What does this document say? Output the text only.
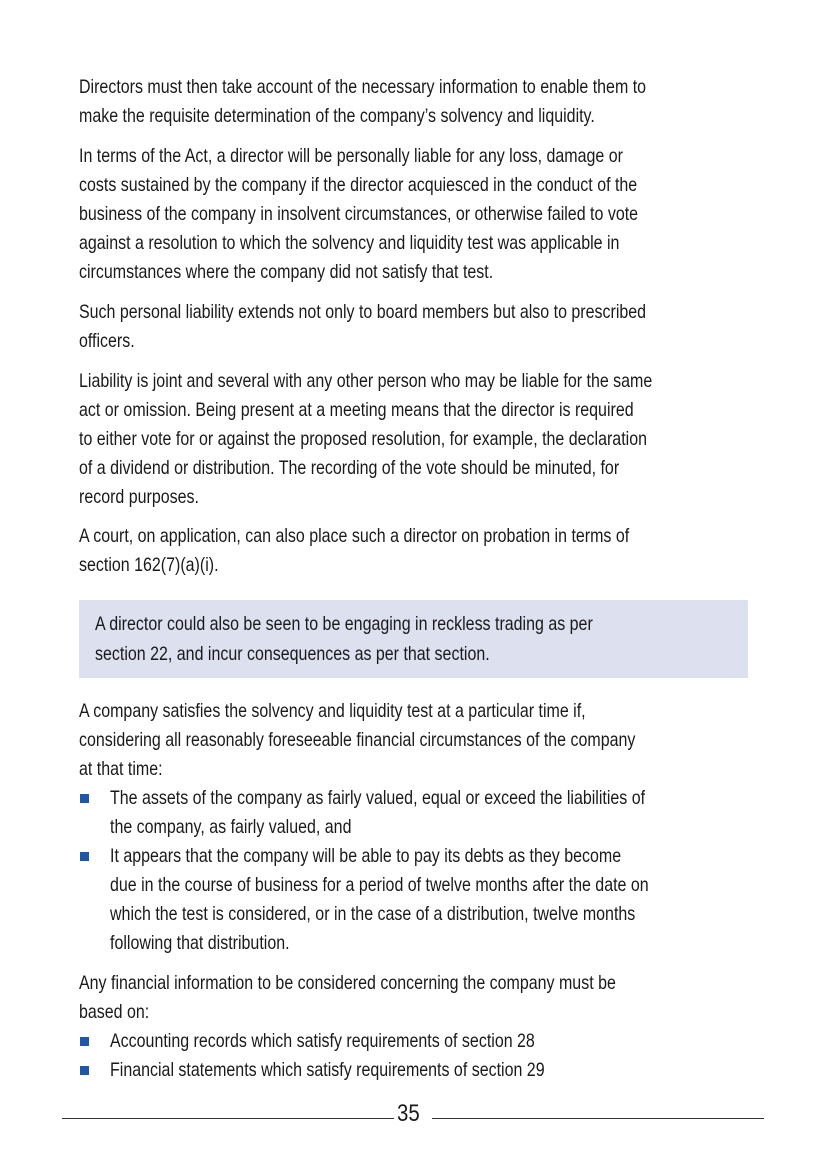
Directors must then take account of the necessary information to enable them to
make the requisite determination of the company’s solvency and liquidity.
In terms of the Act, a director will be personally liable for any loss, damage or
costs sustained by the company if the director acquiesced in the conduct of the
business of the company in insolvent circumstances, or otherwise failed to vote
against a resolution to which the solvency and liquidity test was applicable in
circumstances where the company did not satisfy that test.
Such personal liability extends not only to board members but also to prescribed
officers.
Liability is joint and several with any other person who may be liable for the same
act or omission. Being present at a meeting means that the director is required
to either vote for or against the proposed resolution, for example, the declaration
of a dividend or distribution. The recording of the vote should be minuted, for
record purposes.
A court, on application, can also place such a director on probation in terms of
section 162(7)(a)(i).
A director could also be seen to be engaging in reckless trading as per
section 22, and incur consequences as per that section.
A company satisfies the solvency and liquidity test at a particular time if,
considering all reasonably foreseeable financial circumstances of the company
at that time:
The assets of the company as fairly valued, equal or exceed the liabilities of
the company, as fairly valued, and
It appears that the company will be able to pay its debts as they become
due in the course of business for a period of twelve months after the date on
which the test is considered, or in the case of a distribution, twelve months
following that distribution.
Any financial information to be considered concerning the company must be
based on:
Accounting records which satisfy requirements of section 28
Financial statements which satisfy requirements of section 29
35
